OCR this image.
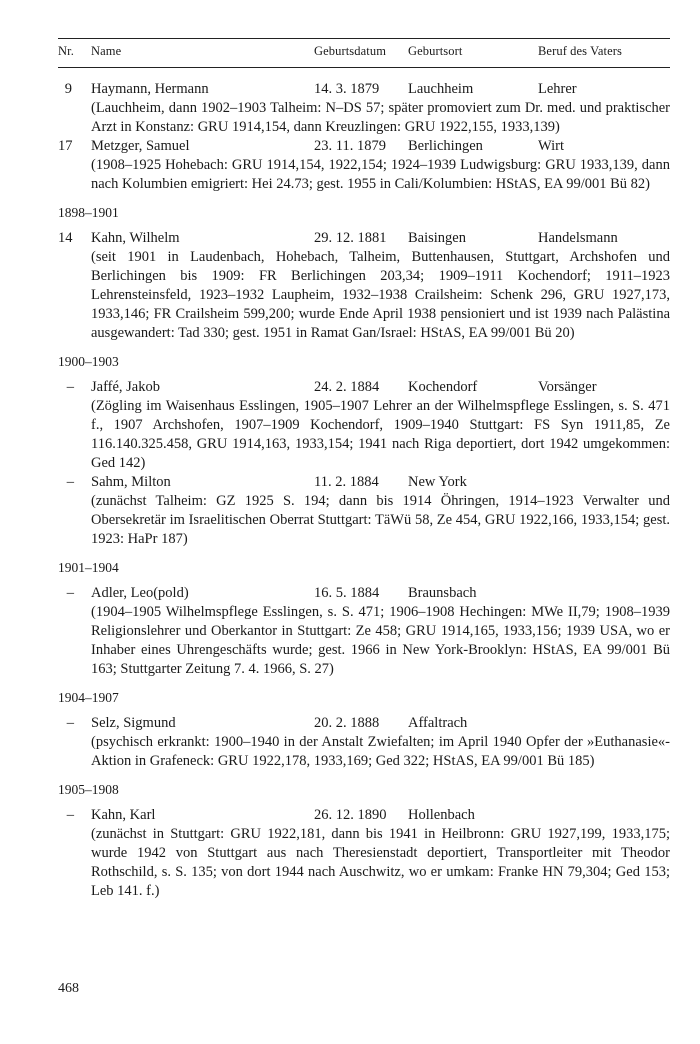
Nr. Name	Geburtsdatum Geburtsort	Beruf des Vaters
9 Haymann, Hermann	14. 3. 1879 Lauchheim	Lehrer
(Lauchheim, dann 1902–1903 Talheim: N–DS 57; später promoviert zum Dr. med. und praktischer Arzt in Konstanz: GRU 1914,154, dann Kreuzlingen: GRU 1922,155, 1933,139)
17 Metzger, Samuel	23. 11. 1879 Berlichingen	Wirt
(1908–1925 Hohebach: GRU 1914,154, 1922,154; 1924–1939 Ludwigsburg: GRU 1933,139, dann nach Kolumbien emigriert: Hei 24.73; gest. 1955 in Cali/Kolumbien: HStAS, EA 99/001 Bü 82)
1898–1901
14 Kahn, Wilhelm	29. 12. 1881 Baisingen	Handelsmann
(seit 1901 in Laudenbach, Hohebach, Talheim, Buttenhausen, Stuttgart, Archshofen und Berlichingen bis 1909: FR Berlichingen 203,34; 1909–1911 Kochendorf; 1911–1923 Lehrensteinsfeld, 1923–1932 Laupheim, 1932–1938 Crailsheim: Schenk 296, GRU 1927,173, 1933,146; FR Crailsheim 599,200; wurde Ende April 1938 pensioniert und ist 1939 nach Palästina ausgewandert: Tad 330; gest. 1951 in Ramat Gan/Israel: HStAS, EA 99/001 Bü 20)
1900–1903
– Jaffé, Jakob	24. 2. 1884 Kochendorf	Vorsänger
(Zögling im Waisenhaus Esslingen, 1905–1907 Lehrer an der Wilhelmspflege Esslingen, s. S. 471 f., 1907 Archshofen, 1907–1909 Kochendorf, 1909–1940 Stuttgart: FS Syn 1911,85, Ze 116.140.325.458, GRU 1914,163, 1933,154; 1941 nach Riga deportiert, dort 1942 umgekommen: Ged 142)
– Sahm, Milton	11. 2. 1884 New York
(zunächst Talheim: GZ 1925 S. 194; dann bis 1914 Öhringen, 1914–1923 Verwalter und Obersekretär im Israelitischen Oberrat Stuttgart: TäWü 58, Ze 454, GRU 1922,166, 1933,154; gest. 1923: HaPr 187)
1901–1904
– Adler, Leo(pold)	16. 5. 1884 Braunsbach
(1904–1905 Wilhelmspflege Esslingen, s. S. 471; 1906–1908 Hechingen: MWe II,79; 1908–1939 Religionslehrer und Oberkantor in Stuttgart: Ze 458; GRU 1914,165, 1933,156; 1939 USA, wo er Inhaber eines Uhrengeschäfts wurde; gest. 1966 in New York-Brooklyn: HStAS, EA 99/001 Bü 163; Stuttgarter Zeitung 7. 4. 1966, S. 27)
1904–1907
– Selz, Sigmund	20. 2. 1888 Affaltrach
(psychisch erkrankt: 1900–1940 in der Anstalt Zwiefalten; im April 1940 Opfer der »Euthanasie«-Aktion in Grafeneck: GRU 1922,178, 1933,169; Ged 322; HStAS, EA 99/001 Bü 185)
1905–1908
– Kahn, Karl	26. 12. 1890 Hollenbach
(zunächst in Stuttgart: GRU 1922,181, dann bis 1941 in Heilbronn: GRU 1927,199, 1933,175; wurde 1942 von Stuttgart aus nach Theresienstadt deportiert, Transportleiter mit Theodor Rothschild, s. S. 135; von dort 1944 nach Auschwitz, wo er umkam: Franke HN 79,304; Ged 153; Leb 141. f.)
468
